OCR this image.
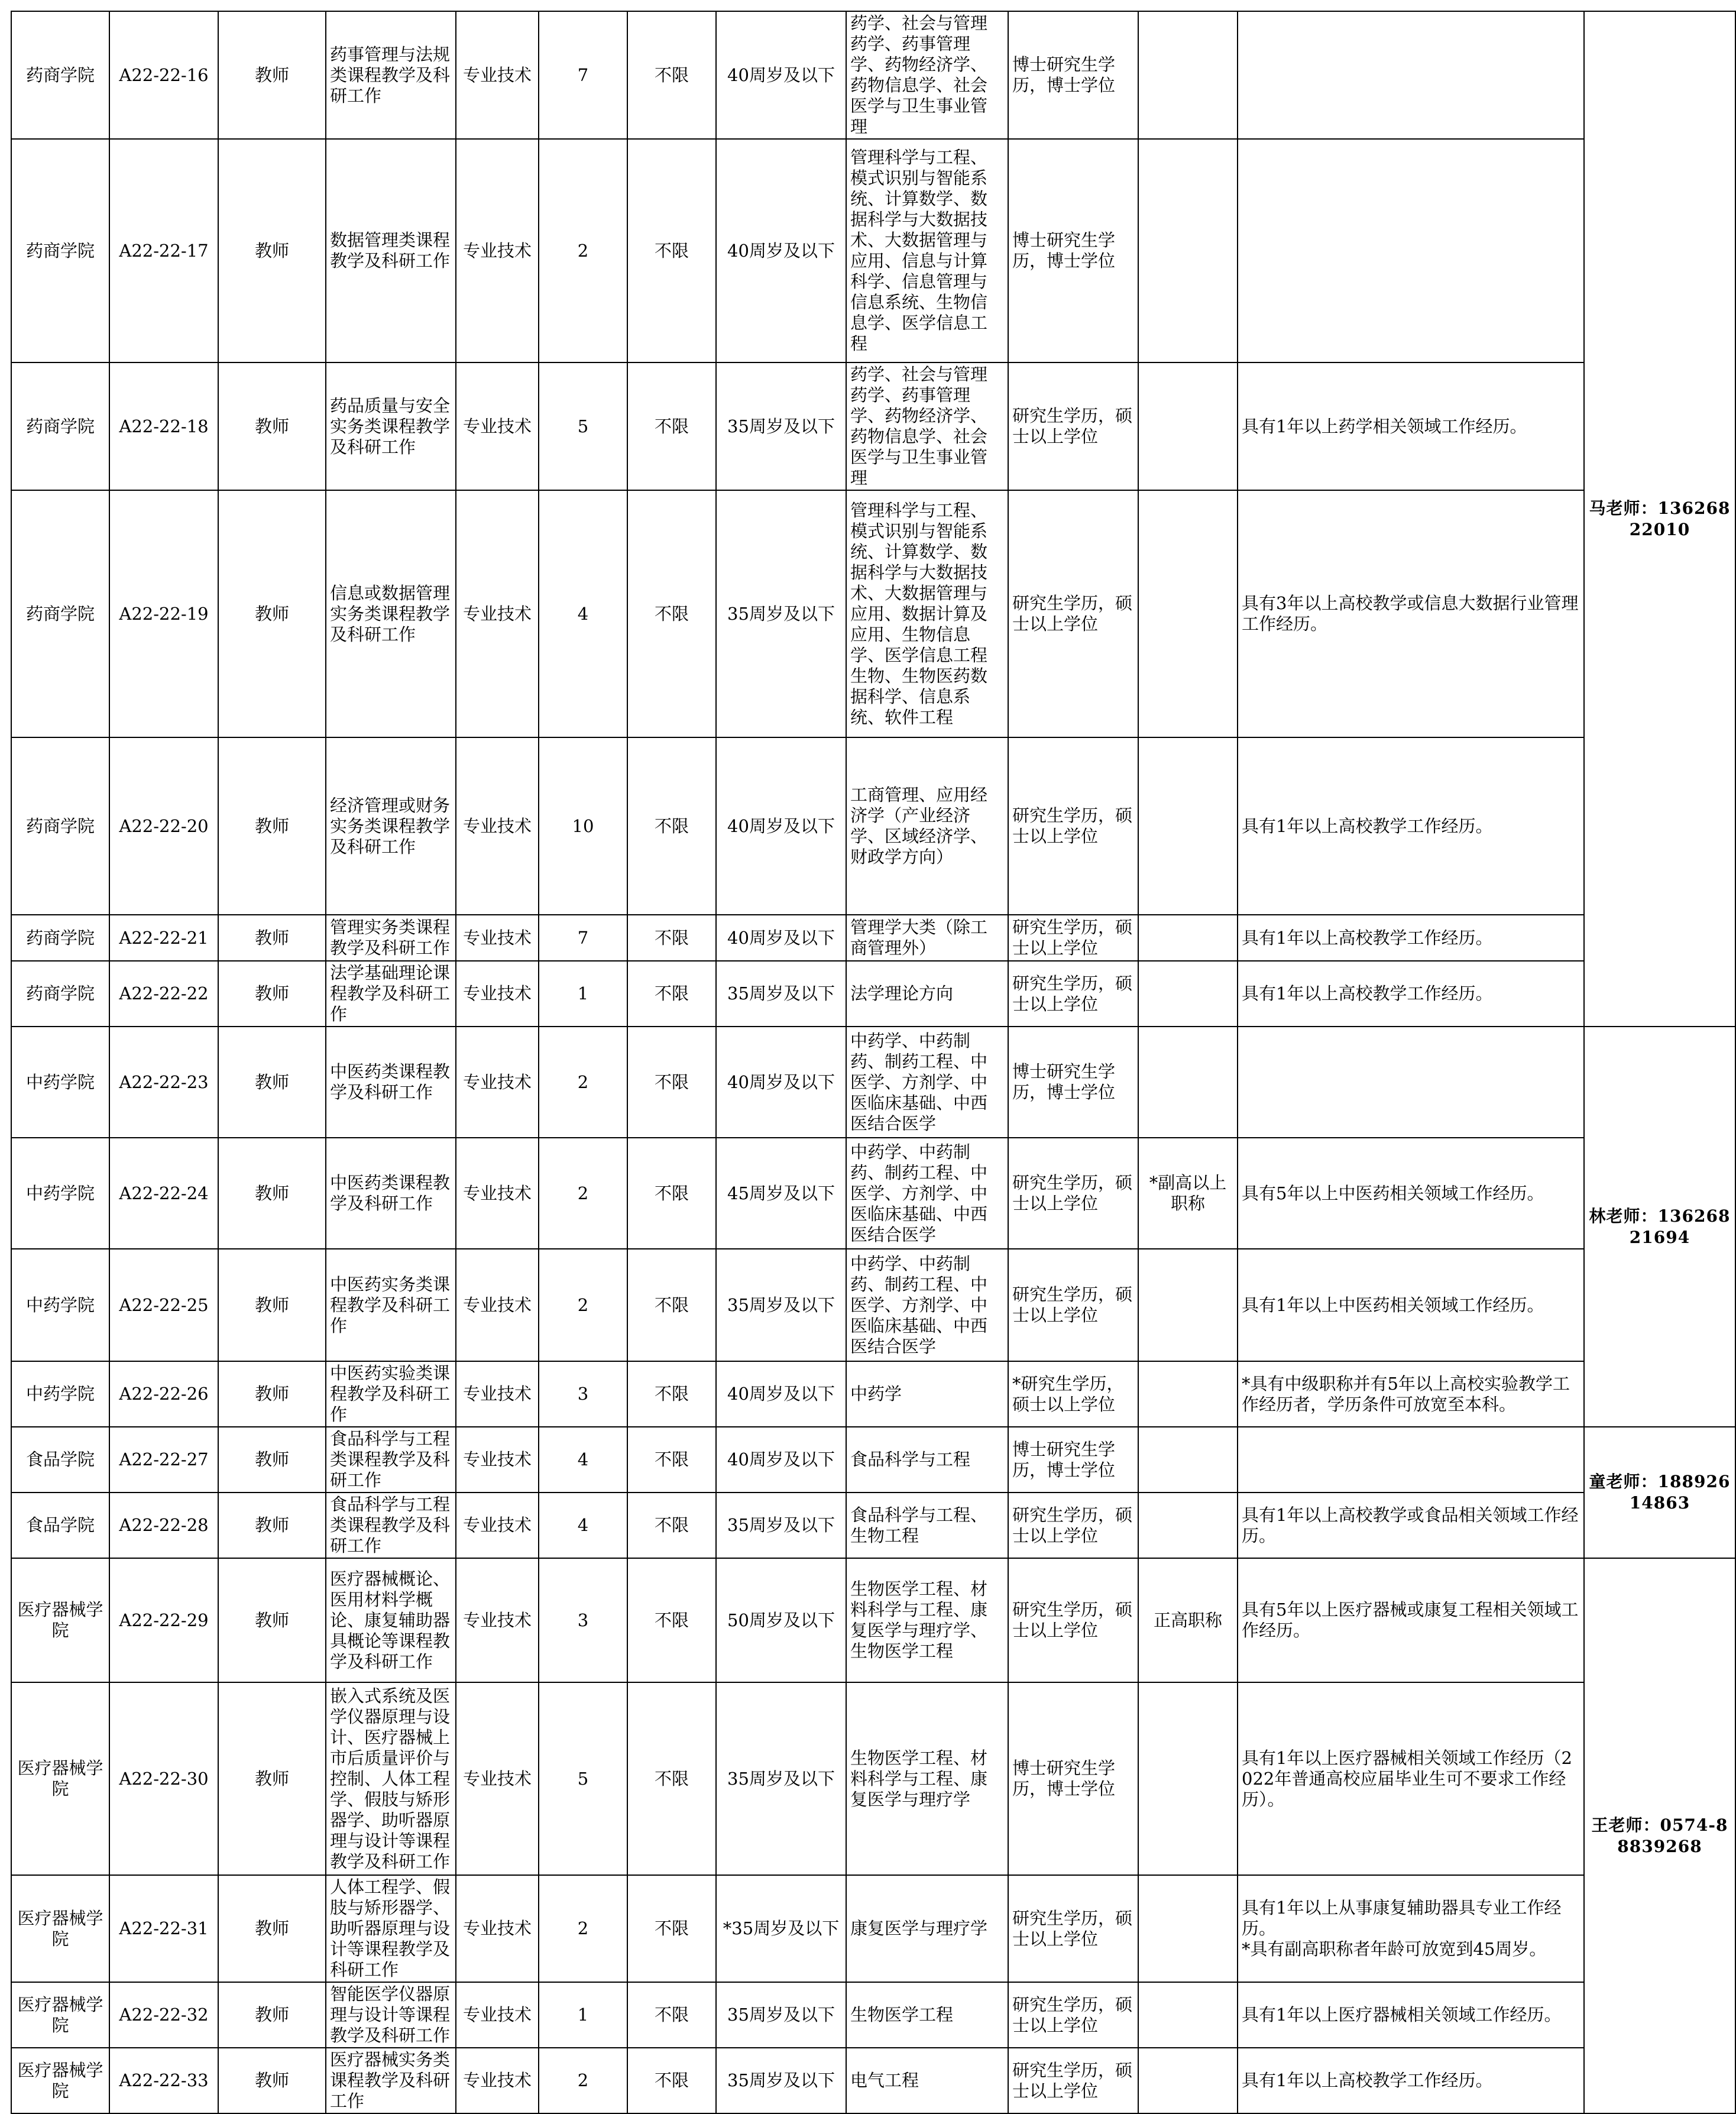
药商学院	A22-22-16	教师	药事管理与法规类课程教学及科研工作	专业技术	7	不限	40周岁及以下	药学、社会与管理药学、药事管理学、药物经济学、药物信息学、社会医学与卫生事业管理	博士研究生学历，博士学位			马老师：13626822010
药商学院	A22-22-17	教师	数据管理类课程教学及科研工作	专业技术	2	不限	40周岁及以下	管理科学与工程、模式识别与智能系统、计算数学、数据科学与大数据技术、大数据管理与应用、信息与计算科学、信息管理与信息系统、生物信息学、医学信息工程	博士研究生学历，博士学位			
药商学院	A22-22-18	教师	药品质量与安全实务类课程教学及科研工作	专业技术	5	不限	35周岁及以下	药学、社会与管理药学、药事管理学、药物经济学、药物信息学、社会医学与卫生事业管理	研究生学历，硕士以上学位		具有1年以上药学相关领域工作经历。	
药商学院	A22-22-19	教师	信息或数据管理实务类课程教学及科研工作	专业技术	4	不限	35周岁及以下	管理科学与工程、模式识别与智能系统、计算数学、数据科学与大数据技术、大数据管理与应用、数据计算及应用、生物信息学、医学信息工程生物、生物医药数据科学、信息系统、软件工程	研究生学历，硕士以上学位		具有3年以上高校教学或信息大数据行业管理工作经历。	
药商学院	A22-22-20	教师	经济管理或财务实务类课程教学及科研工作	专业技术	10	不限	40周岁及以下	工商管理、应用经济学（产业经济学、区域经济学、财政学方向）	研究生学历，硕士以上学位		具有1年以上高校教学工作经历。	
药商学院	A22-22-21	教师	管理实务类课程教学及科研工作	专业技术	7	不限	40周岁及以下	管理学大类（除工商管理外）	研究生学历，硕士以上学位		具有1年以上高校教学工作经历。	
药商学院	A22-22-22	教师	法学基础理论课程教学及科研工作	专业技术	1	不限	35周岁及以下	法学理论方向	研究生学历，硕士以上学位		具有1年以上高校教学工作经历。	
中药学院	A22-22-23	教师	中医药类课程教学及科研工作	专业技术	2	不限	40周岁及以下	中药学、中药制药、制药工程、中医学、方剂学、中医临床基础、中西医结合医学	博士研究生学历，博士学位			林老师：13626821694
中药学院	A22-22-24	教师	中医药类课程教学及科研工作	专业技术	2	不限	45周岁及以下	中药学、中药制药、制药工程、中医学、方剂学、中医临床基础、中西医结合医学	研究生学历，硕士以上学位	*副高以上职称	具有5年以上中医药相关领域工作经历。	
中药学院	A22-22-25	教师	中医药实务类课程教学及科研工作	专业技术	2	不限	35周岁及以下	中药学、中药制药、制药工程、中医学、方剂学、中医临床基础、中西医结合医学	研究生学历，硕士以上学位		具有1年以上中医药相关领域工作经历。	
中药学院	A22-22-26	教师	中医药实验类课程教学及科研工作	专业技术	3	不限	40周岁及以下	中药学	*研究生学历，硕士以上学位		*具有中级职称并有5年以上高校实验教学工作经历者，学历条件可放宽至本科。	
食品学院	A22-22-27	教师	食品科学与工程类课程教学及科研工作	专业技术	4	不限	40周岁及以下	食品科学与工程	博士研究生学历，博士学位			童老师：18892614863
食品学院	A22-22-28	教师	食品科学与工程类课程教学及科研工作	专业技术	4	不限	35周岁及以下	食品科学与工程、生物工程	研究生学历，硕士以上学位		具有1年以上高校教学或食品相关领域工作经历。	
医疗器械学院	A22-22-29	教师	医疗器械概论、医用材料学概论、康复辅助器具概论等课程教学及科研工作	专业技术	3	不限	50周岁及以下	生物医学工程、材料科学与工程、康复医学与理疗学、生物医学工程	研究生学历，硕士以上学位	正高职称	具有5年以上医疗器械或康复工程相关领域工作经历。	王老师：0574-88839268
医疗器械学院	A22-22-30	教师	嵌入式系统及医学仪器原理与设计、医疗器械上市后质量评价与控制、人体工程学、假肢与矫形器学、助听器原理与设计等课程教学及科研工作	专业技术	5	不限	35周岁及以下	生物医学工程、材料科学与工程、康复医学与理疗学	博士研究生学历，博士学位		具有1年以上医疗器械相关领域工作经历（2022年普通高校应届毕业生可不要求工作经历）。	
医疗器械学院	A22-22-31	教师	人体工程学、假肢与矫形器学、助听器原理与设计等课程教学及科研工作	专业技术	2	不限	*35周岁及以下	康复医学与理疗学	研究生学历，硕士以上学位		具有1年以上从事康复辅助器具专业工作经历。
*具有副高职称者年龄可放宽到45周岁。	
医疗器械学院	A22-22-32	教师	智能医学仪器原理与设计等课程教学及科研工作	专业技术	1	不限	35周岁及以下	生物医学工程	研究生学历，硕士以上学位		具有1年以上医疗器械相关领域工作经历。	
医疗器械学院	A22-22-33	教师	医疗器械实务类课程教学及科研工作	专业技术	2	不限	35周岁及以下	电气工程	研究生学历，硕士以上学位		具有1年以上高校教学工作经历。	
